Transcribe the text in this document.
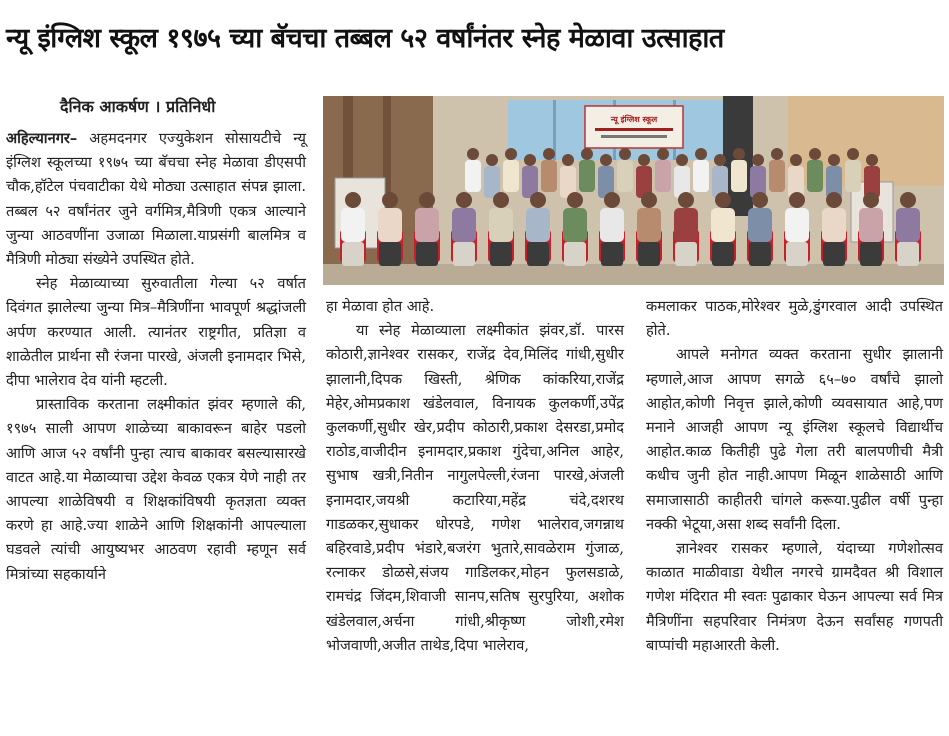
न्यू इंग्लिश स्कूल १९७५ च्या बॅचचा तब्बल ५२ वर्षांनंतर स्नेह मेळावा उत्साहात
दैनिक आकर्षण । प्रतिनिधी
न्यू इंग्लिश स्कूल

अहिल्यानगर– अहमदनगर एज्युकेशन सोसायटीचे न्यू इंग्लिश स्कूलच्या १९७५ च्या बॅचचा स्नेह मेळावा डीएसपी चौक,हॉटेल पंचवाटीका येथे मोठ्या उत्साहात संपन्न झाला. तब्बल ५२ वर्षांनंतर जुने वर्गमित्र,मैत्रिणी एकत्र आल्याने जुन्या आठवणींना उजाळा मिळाला.याप्रसंगी बालमित्र व मैत्रिणी मोठ्या संख्येने उपस्थित होते.

स्नेह मेळाव्याच्या सुरुवातीला गेल्या ५२ वर्षात दिवंगत झालेल्या जुन्या मित्र–मैत्रिणींना भावपूर्ण श्रद्धांजली अर्पण करण्यात आली. त्यानंतर राष्ट्रगीत, प्रतिज्ञा व शाळेतील प्रार्थना सौ रंजना पारखे, अंजली इनामदार भिसे, दीपा भालेराव देव यांनी म्हटली.

प्रास्ताविक करताना लक्ष्मीकांत झंवर म्हणाले की, १९७५ साली आपण शाळेच्या बाकावरून बाहेर पडलो आणि आज ५२ वर्षांनी पुन्हा त्याच बाकावर बसल्यासारखे वाटत आहे.या मेळाव्याचा उद्देश केवळ एकत्र येणे नाही तर आपल्या शाळेविषयी व शिक्षकांविषयी कृतज्ञता व्यक्त करणे हा आहे.ज्या शाळेने आणि शिक्षकांनी आपल्याला घडवले त्यांची आयुष्यभर आठवण रहावी म्हणून सर्व मित्रांच्या सहकार्याने

हा मेळावा होत आहे.

या स्नेह मेळाव्याला लक्ष्मीकांत झंवर,डॉ. पारस कोठारी,ज्ञानेश्वर रासकर, राजेंद्र देव,मिलिंद गांधी,सुधीर झालानी,दिपक खिस्ती, श्रेणिक कांकरिया,राजेंद्र मेहेर,ओमप्रकाश खंडेलवाल, विनायक कुलकर्णी,उपेंद्र कुलकर्णी,सुधीर खेर,प्रदीप कोठारी,प्रकाश देसरडा,प्रमोद राठोड,वाजीदीन इनामदार,प्रकाश गुंदेचा,अनिल आहेर, सुभाष खत्री,नितीन नागुलपेल्ली,रंजना पारखे,अंजली इनामदार,जयश्री कटारिया,महेंद्र चंदे,दशरथ गाडळकर,सुधाकर धोरपडे, गणेश भालेराव,जगन्नाथ बहिरवाडे,प्रदीप भंडारे,बजरंग भुतारे,सावळेराम गुंजाळ, रत्नाकर डोळसे,संजय गाडिलकर,मोहन फुलसडाळे, रामचंद्र जिंदम,शिवाजी सानप,सतिष सुरपुरिया, अशोक खंडेलवाल,अर्चना गांधी,श्रीकृष्ण जोशी,रमेश भोजवाणी,अजीत ताथेड,दिपा भालेराव,

कमलाकर पाठक,मोरेश्वर मुळे,डुंगरवाल आदी उपस्थित होते.

आपले मनोगत व्यक्त करताना सुधीर झालानी म्हणाले,आज आपण सगळे ६५–७० वर्षांचे झालो आहोत,कोणी निवृत्त झाले,कोणी व्यवसायात आहे,पण मनाने आजही आपण न्यू इंग्लिश स्कूलचे विद्यार्थीच आहोत.काळ कितीही पुढे गेला तरी बालपणीची मैत्री कधीच जुनी होत नाही.आपण मिळून शाळेसाठी आणि समाजासाठी काहीतरी चांगले करूया.पुढील वर्षी पुन्हा नक्की भेटूया,असा शब्द सर्वांनी दिला.

ज्ञानेश्वर रासकर म्हणाले, यंदाच्या गणेशोत्सव काळात माळीवाडा येथील नगरचे ग्रामदैवत श्री विशाल गणेश मंदिरात मी स्वतः पुढाकार घेऊन आपल्या सर्व मित्र मैत्रिणींना सहपरिवार निमंत्रण देऊन सर्वांसह गणपती बाप्पांची महाआरती केली.
